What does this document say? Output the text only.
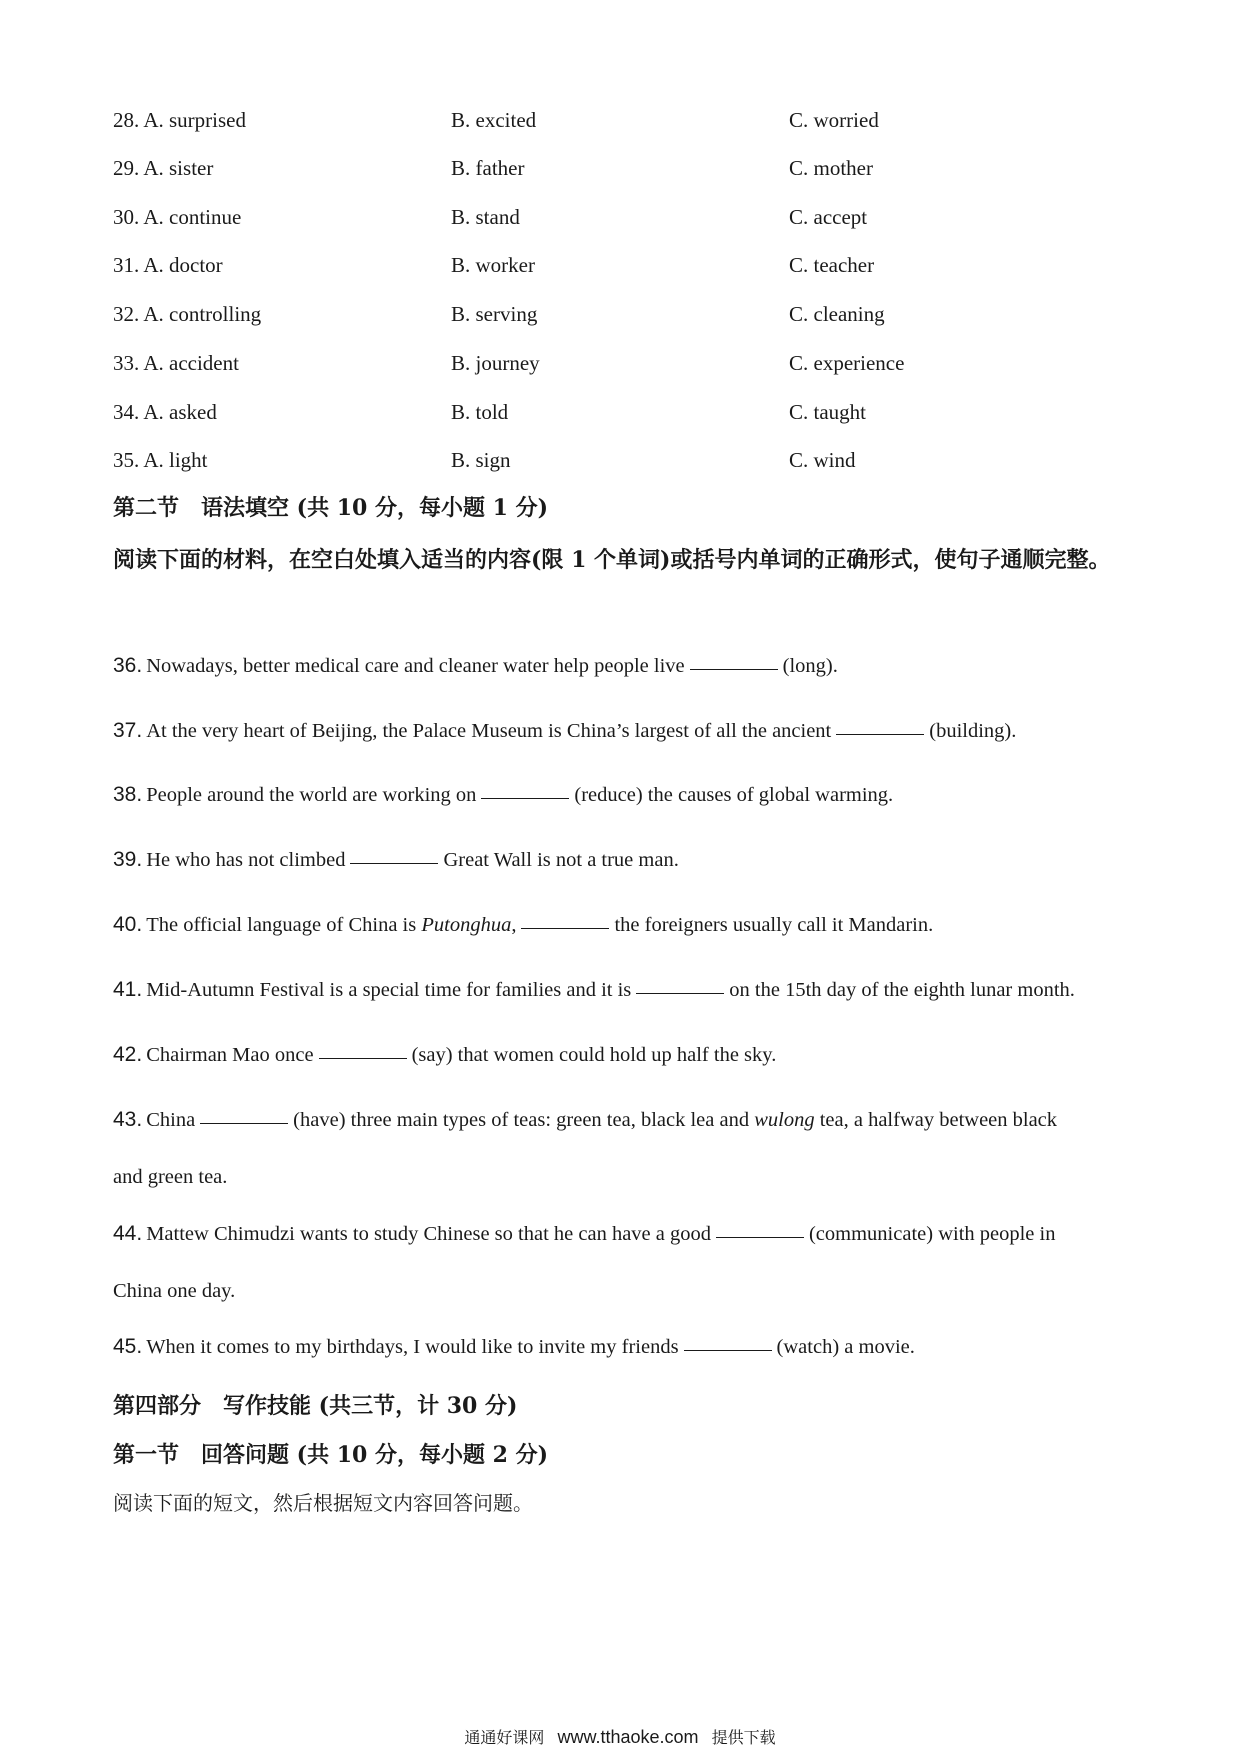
28. A. surprised	B. excited	C. worried
29. A. sister	B. father	C. mother
30. A. continue	B. stand	C. accept
31. A. doctor	B. worker	C. teacher
32. A. controlling	B. serving	C. cleaning
33. A. accident	B. journey	C. experience
34. A. asked	B. told	C. taught
35. A. light	B. sign	C. wind
第二节　语法填空 (共 10 分，每小题 1 分)
阅读下面的材料，在空白处填入适当的内容(限 1 个单词)或括号内单词的正确形式，使句子通顺完整。
36. Nowadays, better medical care and cleaner water help people live	(long).
37. At the very heart of Beijing, the Palace Museum is China’s largest of all the ancient	(building).
38. People around the world are working on	(reduce) the causes of global warming.
39. He who has not climbed	Great Wall is not a true man.
40. The official language of China is Putonghua,	the foreigners usually call it Mandarin.
41. Mid-Autumn Festival is a special time for families and it is	on the 15th day of the eighth lunar month.
42. Chairman Mao once	(say) that women could hold up half the sky.
43. China	(have) three main types of teas: green tea, black lea and wulong tea, a halfway between black
and green tea.
44. Mattew Chimudzi wants to study Chinese so that he can have a good	(communicate) with people in
China one day.
45. When it comes to my birthdays, I would like to invite my friends	(watch) a movie.
第四部分　写作技能 (共三节，计 30 分)
第一节　回答问题 (共 10 分，每小题 2 分)
阅读下面的短文，然后根据短文内容回答问题。
通通好课网 www.tthaoke.com 提供下载
